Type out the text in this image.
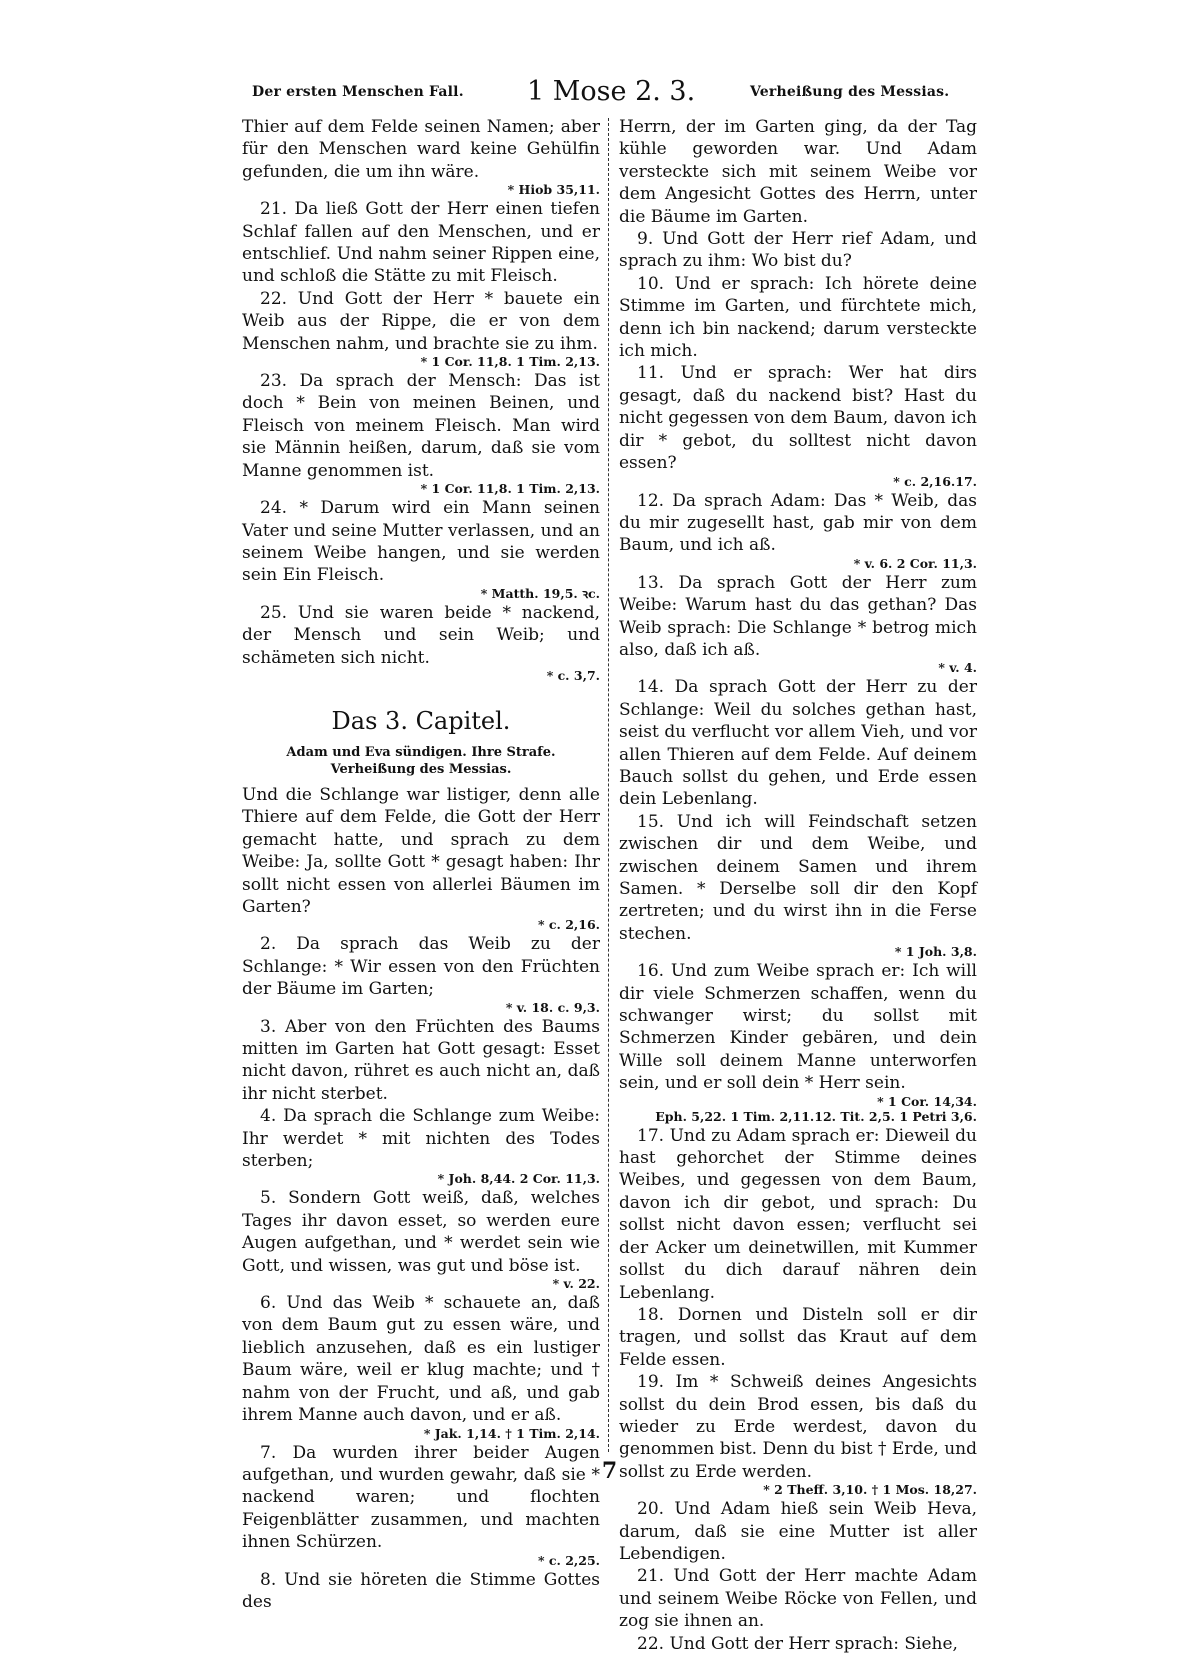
Der ersten Menschen Fall. 1 Mose 2. 3.	Verheißung des Messias.

Thier auf dem Felde seinen Namen; aber für den Menschen ward keine Gehülfin gefunden, die um ihn wäre.

* Hiob 35,11.

21. Da ließ Gott der Herr einen tiefen Schlaf fallen auf den Menschen, und er entschlief. Und nahm seiner Rippen eine, und schloß die Stätte zu mit Fleisch.

22. Und Gott der Herr * bauete ein Weib aus der Rippe, die er von dem Menschen nahm, und brachte sie zu ihm.

* 1 Cor. 11,8. 1 Tim. 2,13.

23. Da sprach der Mensch: Das ist doch * Bein von meinen Beinen, und Fleisch von meinem Fleisch. Man wird sie Männin heißen, darum, daß sie vom Manne genommen ist.

* 1 Cor. 11,8. 1 Tim. 2,13.

24. * Darum wird ein Mann seinen Vater und seine Mutter verlassen, und an seinem Weibe hangen, und sie werden sein Ein Fleisch.

* Matth. 19,5. ꝛc.

25. Und sie waren beide * nackend, der Mensch und sein Weib; und schämeten sich nicht.

* c. 3,7.
Das 3. Capitel.
Adam und Eva sündigen. Ihre Strafe. Verheißung des Messias.

Und die Schlange war listiger, denn alle Thiere auf dem Felde, die Gott der Herr gemacht hatte, und sprach zu dem Weibe: Ja, sollte Gott * gesagt haben: Ihr sollt nicht essen von allerlei Bäumen im Garten?

* c. 2,16.

2. Da sprach das Weib zu der Schlange: * Wir essen von den Früchten der Bäume im Garten;

* v. 18. c. 9,3.

3. Aber von den Früchten des Baums mitten im Garten hat Gott gesagt: Esset nicht davon, rühret es auch nicht an, daß ihr nicht sterbet.

4. Da sprach die Schlange zum Weibe: Ihr werdet * mit nichten des Todes sterben;

* Joh. 8,44. 2 Cor. 11,3.

5. Sondern Gott weiß, daß, welches Tages ihr davon esset, so werden eure Augen aufgethan, und * werdet sein wie Gott, und wissen, was gut und böse ist.

* v. 22.

6. Und das Weib * schauete an, daß von dem Baum gut zu essen wäre, und lieblich anzusehen, daß es ein lustiger Baum wäre, weil er klug machte; und † nahm von der Frucht, und aß, und gab ihrem Manne auch davon, und er aß.

* Jak. 1,14. † 1 Tim. 2,14.

7. Da wurden ihrer beider Augen aufgethan, und wurden gewahr, daß sie * nackend waren; und flochten Feigenblätter zusammen, und machten ihnen Schürzen.

* c. 2,25.

8. Und sie höreten die Stimme Gottes des

Herrn, der im Garten ging, da der Tag kühle geworden war. Und Adam versteckte sich mit seinem Weibe vor dem Angesicht Gottes des Herrn, unter die Bäume im Garten.

9. Und Gott der Herr rief Adam, und sprach zu ihm: Wo bist du?

10. Und er sprach: Ich hörete deine Stimme im Garten, und fürchtete mich, denn ich bin nackend; darum versteckte ich mich.

11. Und er sprach: Wer hat dirs gesagt, daß du nackend bist? Hast du nicht gegessen von dem Baum, davon ich dir * gebot, du solltest nicht davon essen?

* c. 2,16.17.

12. Da sprach Adam: Das * Weib, das du mir zugesellt hast, gab mir von dem Baum, und ich aß.

* v. 6. 2 Cor. 11,3.

13. Da sprach Gott der Herr zum Weibe: Warum hast du das gethan? Das Weib sprach: Die Schlange * betrog mich also, daß ich aß.

* v. 4.

14. Da sprach Gott der Herr zu der Schlange: Weil du solches gethan hast, seist du verflucht vor allem Vieh, und vor allen Thieren auf dem Felde. Auf deinem Bauch sollst du gehen, und Erde essen dein Lebenlang.

15. Und ich will Feindschaft setzen zwischen dir und dem Weibe, und zwischen deinem Samen und ihrem Samen. * Derselbe soll dir den Kopf zertreten; und du wirst ihn in die Ferse stechen.

* 1 Joh. 3,8.

16. Und zum Weibe sprach er: Ich will dir viele Schmerzen schaffen, wenn du schwanger wirst; du sollst mit Schmerzen Kinder gebären, und dein Wille soll deinem Manne unterworfen sein, und er soll dein * Herr sein.

* 1 Cor. 14,34.
Eph. 5,22. 1 Tim. 2,11.12. Tit. 2,5. 1 Petri 3,6.

17. Und zu Adam sprach er: Dieweil du hast gehorchet der Stimme deines Weibes, und gegessen von dem Baum, davon ich dir gebot, und sprach: Du sollst nicht davon essen; verflucht sei der Acker um deinetwillen, mit Kummer sollst du dich darauf nähren dein Lebenlang.

18. Dornen und Disteln soll er dir tragen, und sollst das Kraut auf dem Felde essen.

19. Im * Schweiß deines Angesichts sollst du dein Brod essen, bis daß du wieder zu Erde werdest, davon du genommen bist. Denn du bist † Erde, und sollst zu Erde werden.

* 2 Theff. 3,10. † 1 Mos. 18,27.

20. Und Adam hieß sein Weib Heva, darum, daß sie eine Mutter ist aller Lebendigen.

21. Und Gott der Herr machte Adam und seinem Weibe Röcke von Fellen, und zog sie ihnen an.

22. Und Gott der Herr sprach: Siehe,

7
